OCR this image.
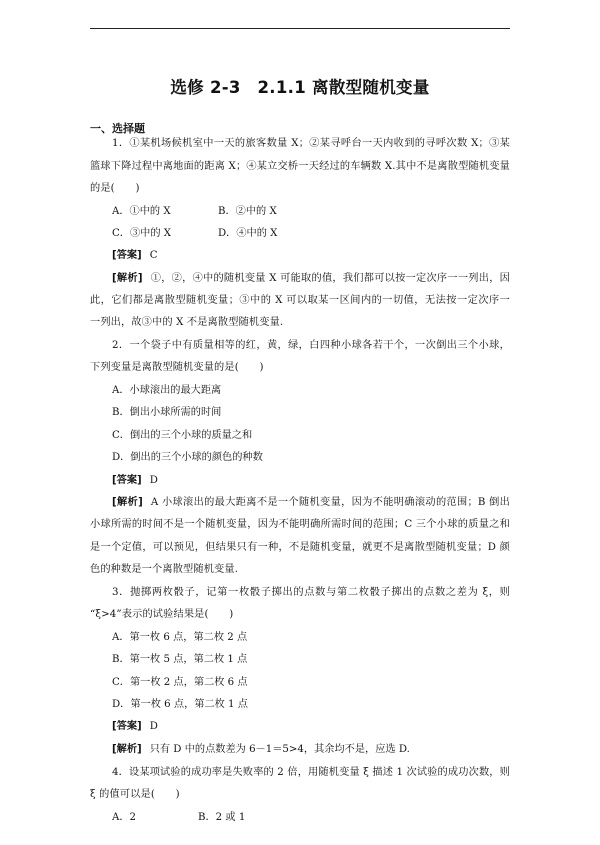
选修 2-3　2.1.1 离散型随机变量
一、选择题
1．①某机场候机室中一天的旅客数量 X；②某寻呼台一天内收到的寻呼次数 X；③某
篮球下降过程中离地面的距离 X；④某立交桥一天经过的车辆数 X.其中不是离散型随机变量
的是(　　)
A．①中的 X	B．②中的 X
C．③中的 X	D．④中的 X
[答案] C
[解析] ①，②，④中的随机变量 X 可能取的值，我们都可以按一定次序一一列出，因
此，它们都是离散型随机变量；③中的 X 可以取某一区间内的一切值，无法按一定次序一
一列出，故③中的 X 不是离散型随机变量.
2．一个袋子中有质量相等的红，黄，绿，白四种小球各若干个，一次倒出三个小球，
下列变量是离散型随机变量的是(　　)
A．小球滚出的最大距离
B．倒出小球所需的时间
C．倒出的三个小球的质量之和
D．倒出的三个小球的颜色的种数
[答案] D
[解析] A 小球滚出的最大距离不是一个随机变量，因为不能明确滚动的范围；B 倒出
小球所需的时间不是一个随机变量，因为不能明确所需时间的范围；C 三个小球的质量之和
是一个定值，可以预见，但结果只有一种，不是随机变量，就更不是离散型随机变量；D 颜
色的种数是一个离散型随机变量.
3．抛掷两枚骰子，记第一枚骰子掷出的点数与第二枚骰子掷出的点数之差为 ξ，则
“ξ>4”表示的试验结果是(　　)
A．第一枚 6 点，第二枚 2 点
B．第一枚 5 点，第二枚 1 点
C．第一枚 2 点，第二枚 6 点
D．第一枚 6 点，第二枚 1 点
[答案] D
[解析] 只有 D 中的点数差为 6－1＝5>4，其余均不是，应选 D.
4．设某项试验的成功率是失败率的 2 倍，用随机变量 ξ 描述 1 次试验的成功次数，则
ξ 的值可以是(　　)
A．2	B．2 或 1
